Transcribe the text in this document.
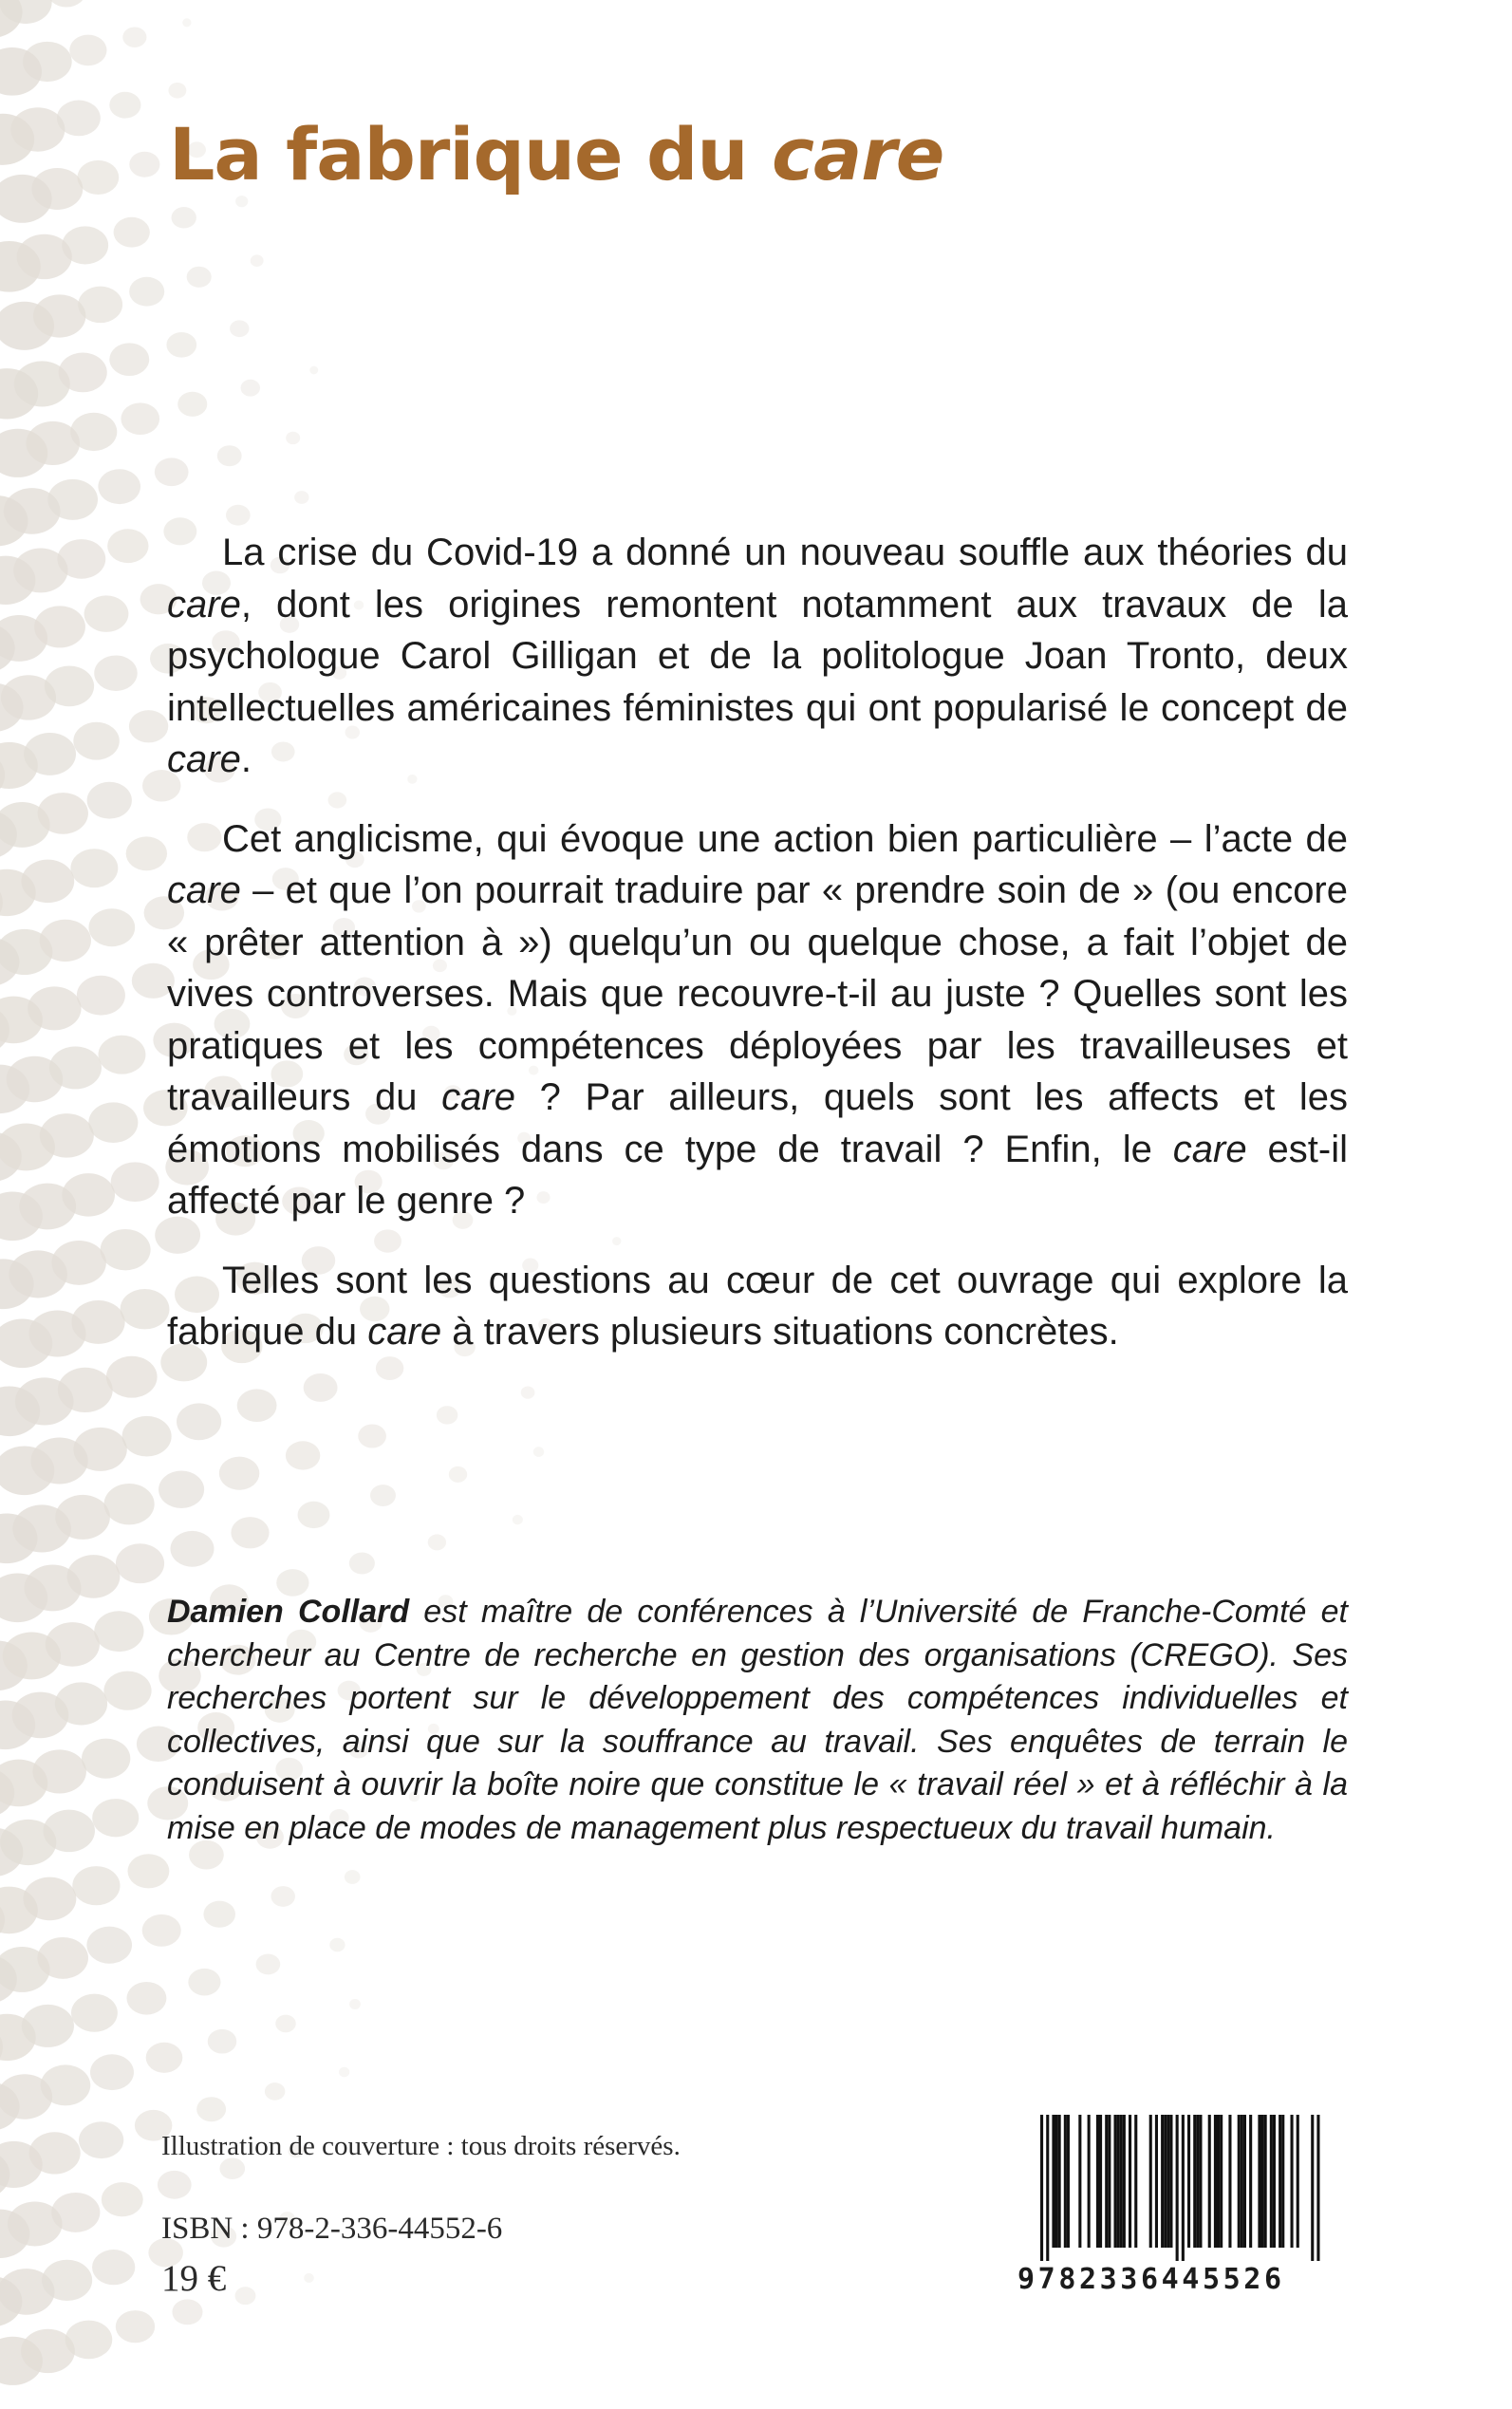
La fabrique du care

La crise du Covid-19 a donné un nouveau souffle aux théories du care, dont les origines remontent notamment aux travaux de la psychologue Carol Gilligan et de la politologue Joan Tronto, deux intellectuelles américaines féministes qui ont popularisé le concept de care.

Cet anglicisme, qui évoque une action bien particulière – l’acte de care – et que l’on pourrait traduire par « prendre soin de » (ou encore « prêter attention à ») quelqu’un ou quelque chose, a fait l’objet de vives controverses. Mais que recouvre-t-il au juste ? Quelles sont les pratiques et les compétences déployées par les travailleuses et travailleurs du care ? Par ailleurs, quels sont les affects et les émotions mobilisés dans ce type de travail ? Enfin, le care est-il affecté par le genre ?

Telles sont les questions au cœur de cet ouvrage qui explore la fabrique du care à travers plusieurs situations concrètes.

Damien Collard est maître de conférences à l’Université de Franche-Comté et chercheur au Centre de recherche en gestion des organisations (CREGO). Ses recherches portent sur le développement des compétences individuelles et collectives, ainsi que sur la souffrance au travail. Ses enquêtes de terrain le conduisent à ouvrir la boîte noire que constitue le « travail réel » et à réfléchir à la mise en place de modes de management plus respectueux du travail humain.

Illustration de couverture : tous droits réservés.

ISBN : 978-2-336-44552-6

19 €	9782336445526
